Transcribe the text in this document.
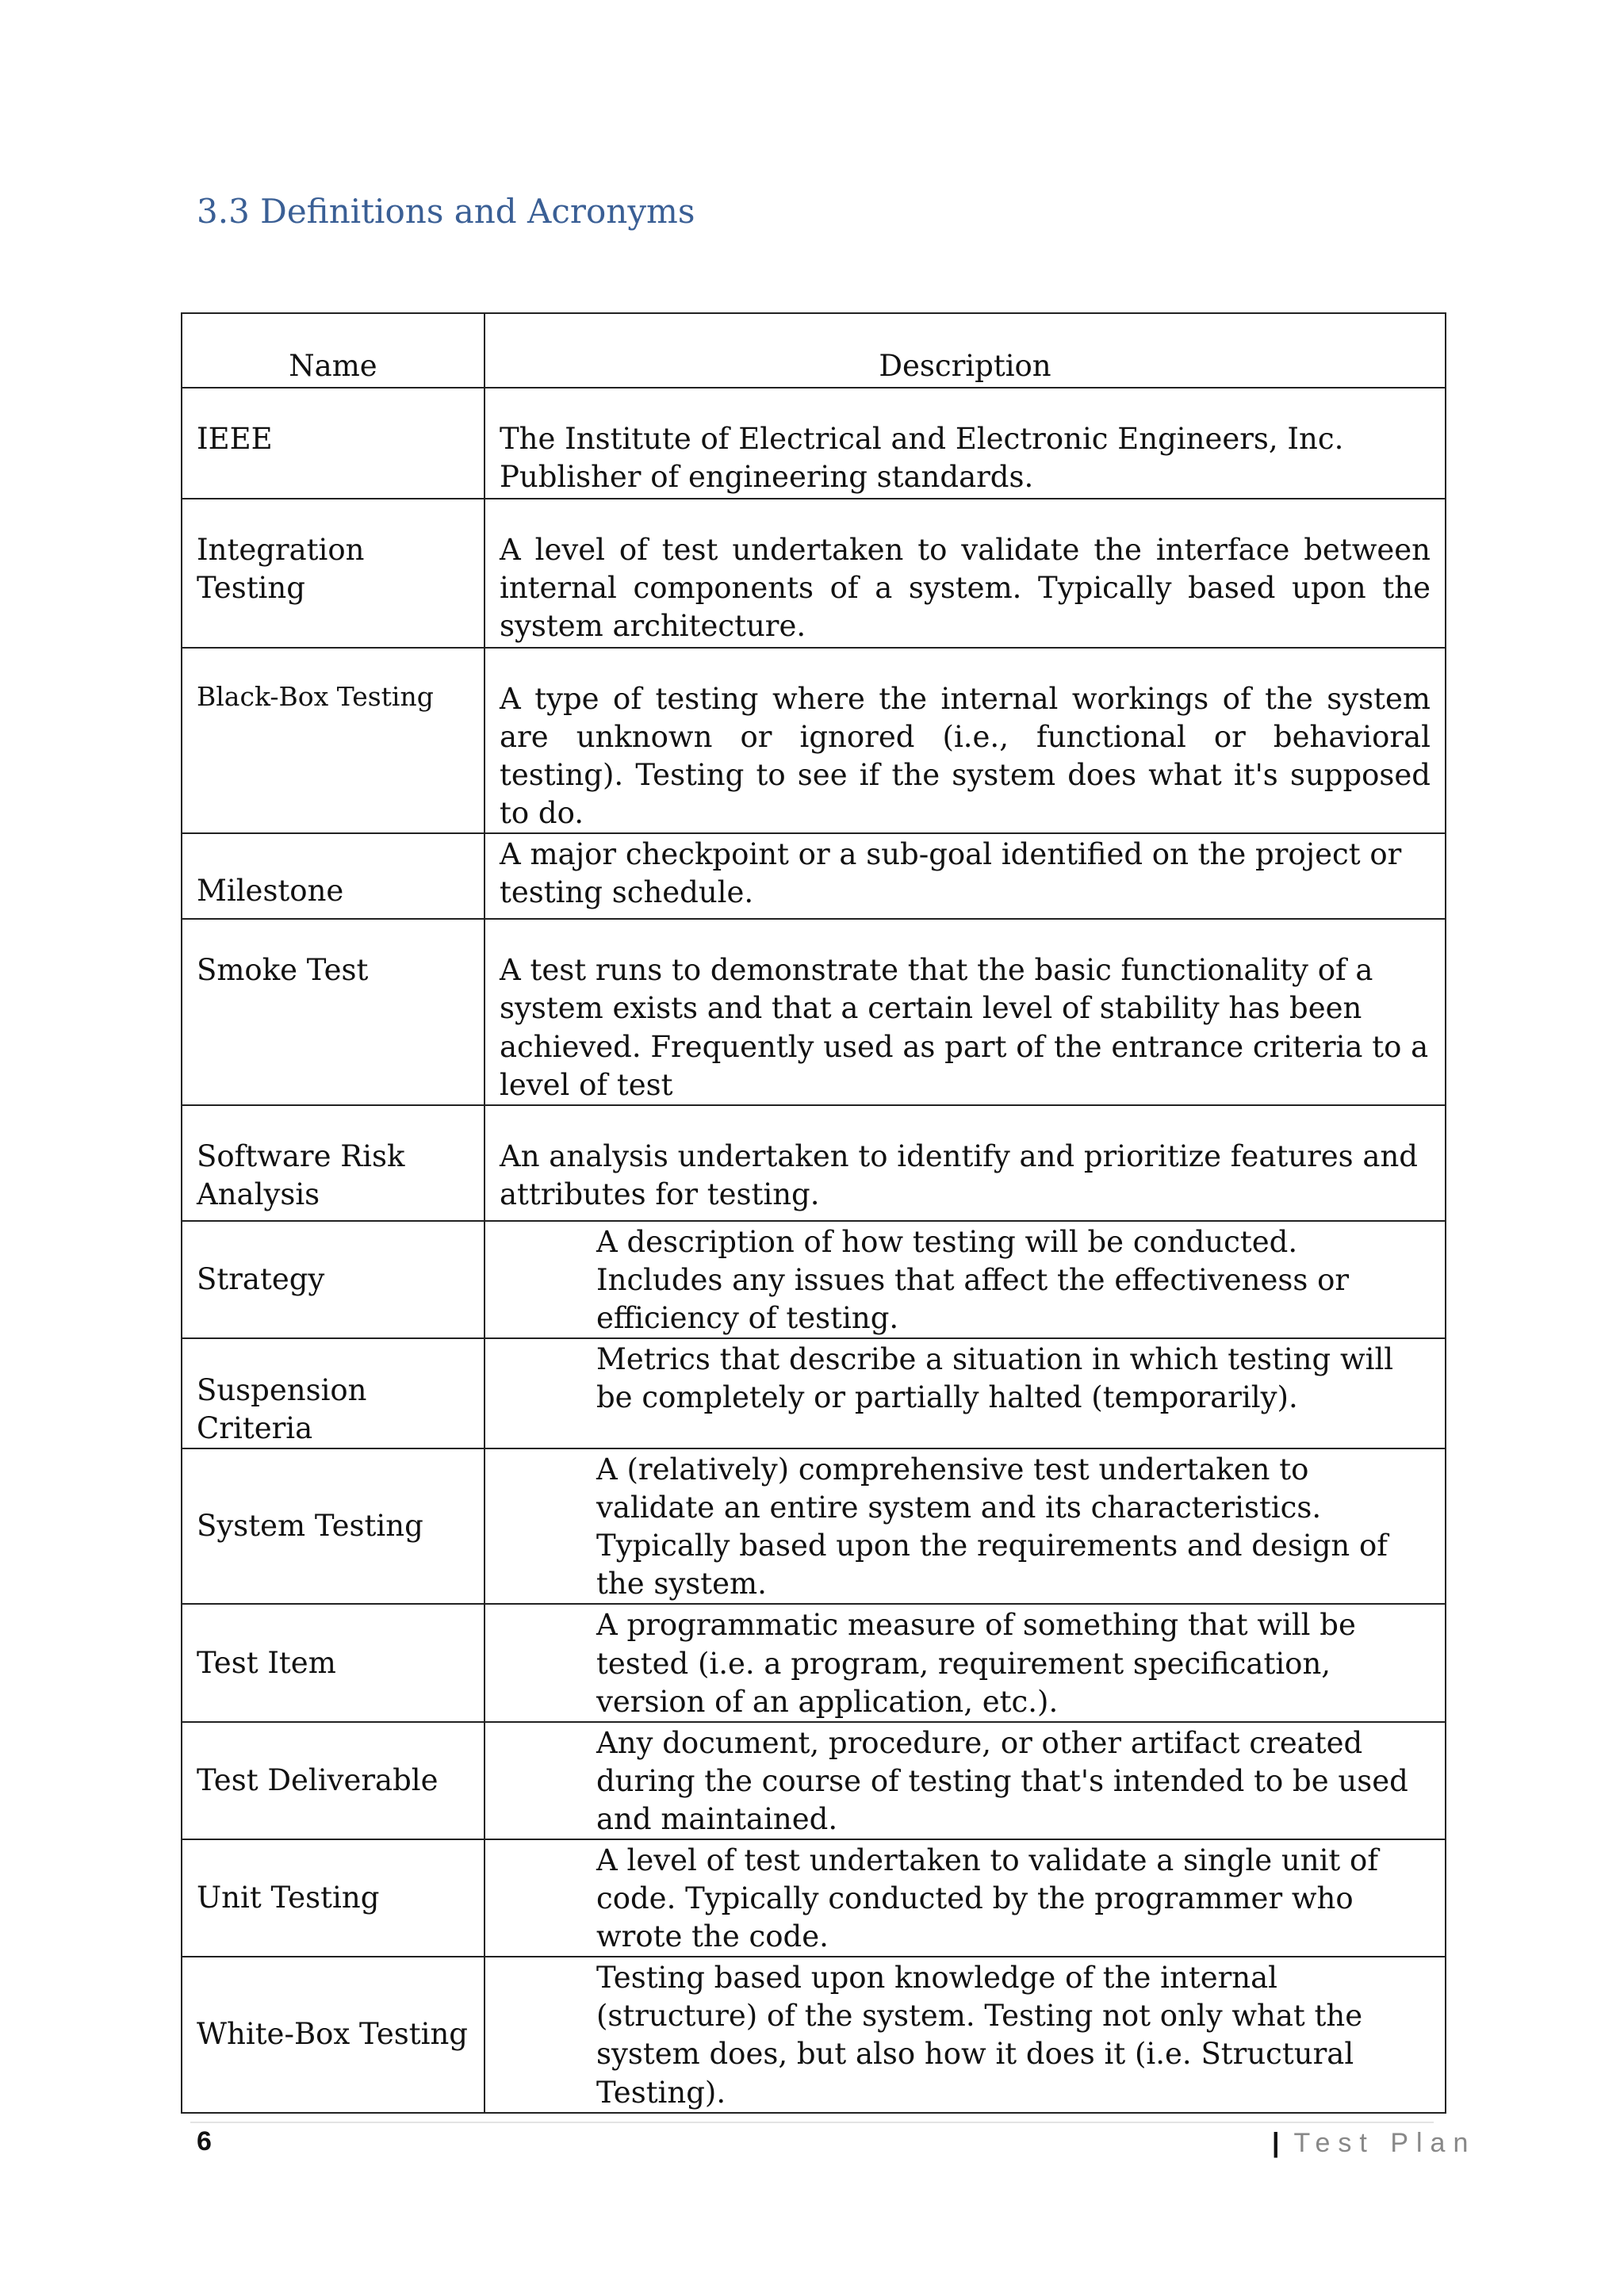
3.3 Definitions and Acronyms
Name	Description
IEEE	The Institute of Electrical and Electronic Engineers, Inc. Publisher of engineering standards.
Integration Testing	A level of test undertaken to validate the interface between internal components of a system. Typically based upon the system architecture.
Black-Box Testing	A type of testing where the internal workings of the system are unknown or ignored (i.e., functional or behavioral testing). Testing to see if the system does what it's supposed to do.
Milestone	A major checkpoint or a sub-goal identified on the project or testing schedule.
Smoke Test	A test runs to demonstrate that the basic functionality of a system exists and that a certain level of stability has been achieved. Frequently used as part of the entrance criteria to a level of test
Software Risk Analysis	An analysis undertaken to identify and prioritize features and attributes for testing.
Strategy	A description of how testing will be conducted. Includes any issues that affect the effectiveness or efficiency of testing.
Suspension Criteria	Metrics that describe a situation in which testing will be completely or partially halted (temporarily).
System Testing	A (relatively) comprehensive test undertaken to validate an entire system and its characteristics. Typically based upon the requirements and design of the system.
Test Item	A programmatic measure of something that will be tested (i.e. a program, requirement specification, version of an application, etc.).
Test Deliverable	Any document, procedure, or other artifact created during the course of testing that's intended to be used and maintained.
Unit Testing	A level of test undertaken to validate a single unit of code. Typically conducted by the programmer who wrote the code.
White-Box Testing	Testing based upon knowledge of the internal (structure) of the system. Testing not only what the system does, but also how it does it (i.e. Structural Testing).
6	| Test Plan
